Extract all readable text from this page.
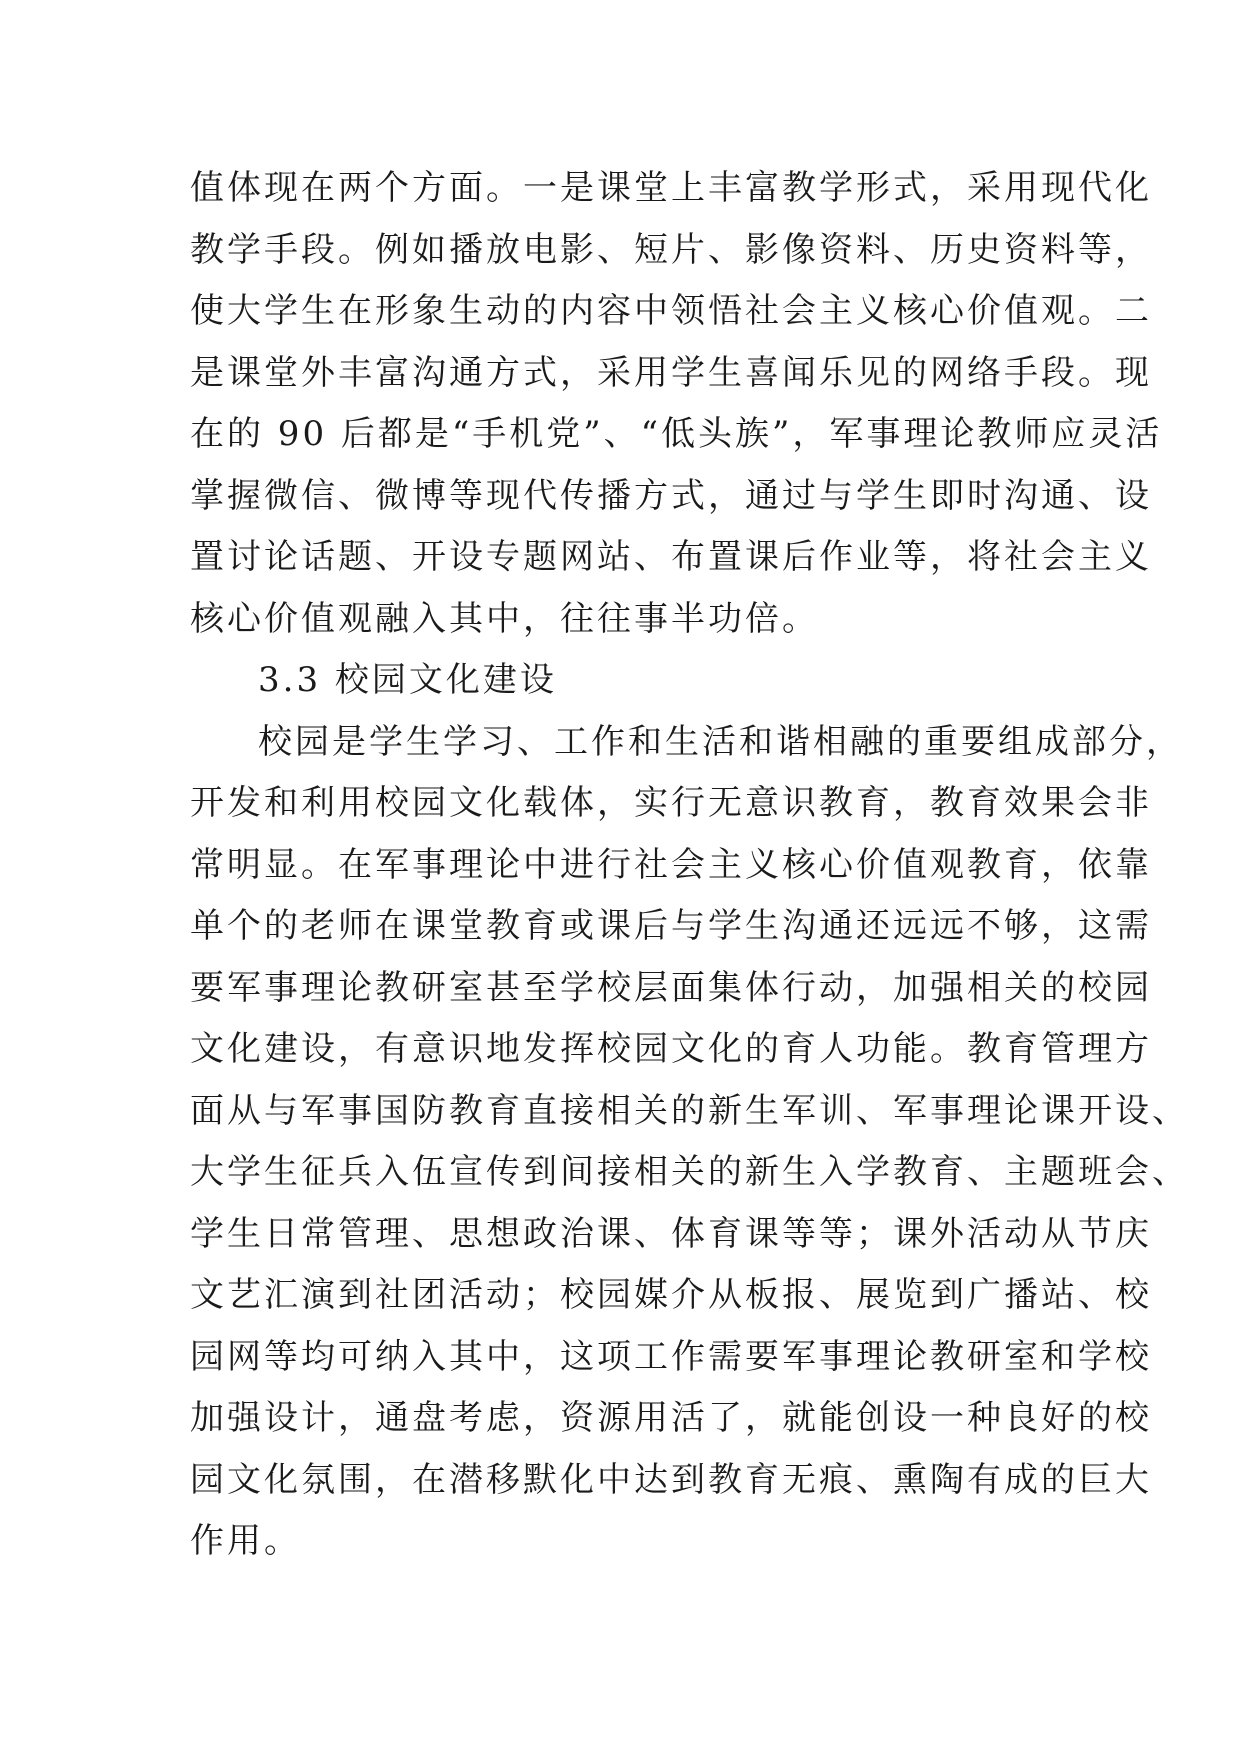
值体现在两个方面。一是课堂上丰富教学形式，采用现代化
教学手段。例如播放电影、短片、影像资料、历史资料等，
使大学生在形象生动的内容中领悟社会主义核心价值观。二
是课堂外丰富沟通方式，采用学生喜闻乐见的网络手段。现
在的 90 后都是“手机党”、“低头族”，军事理论教师应灵活
掌握微信、微博等现代传播方式，通过与学生即时沟通、设
置讨论话题、开设专题网站、布置课后作业等，将社会主义
核心价值观融入其中，往往事半功倍。
3.3 校园文化建设
校园是学生学习、工作和生活和谐相融的重要组成部分，
开发和利用校园文化载体，实行无意识教育，教育效果会非
常明显。在军事理论中进行社会主义核心价值观教育，依靠
单个的老师在课堂教育或课后与学生沟通还远远不够，这需
要军事理论教研室甚至学校层面集体行动，加强相关的校园
文化建设，有意识地发挥校园文化的育人功能。教育管理方
面从与军事国防教育直接相关的新生军训、军事理论课开设、
大学生征兵入伍宣传到间接相关的新生入学教育、主题班会、
学生日常管理、思想政治课、体育课等等；课外活动从节庆
文艺汇演到社团活动；校园媒介从板报、展览到广播站、校
园网等均可纳入其中，这项工作需要军事理论教研室和学校
加强设计，通盘考虑，资源用活了，就能创设一种良好的校
园文化氛围，在潜移默化中达到教育无痕、熏陶有成的巨大
作用。
